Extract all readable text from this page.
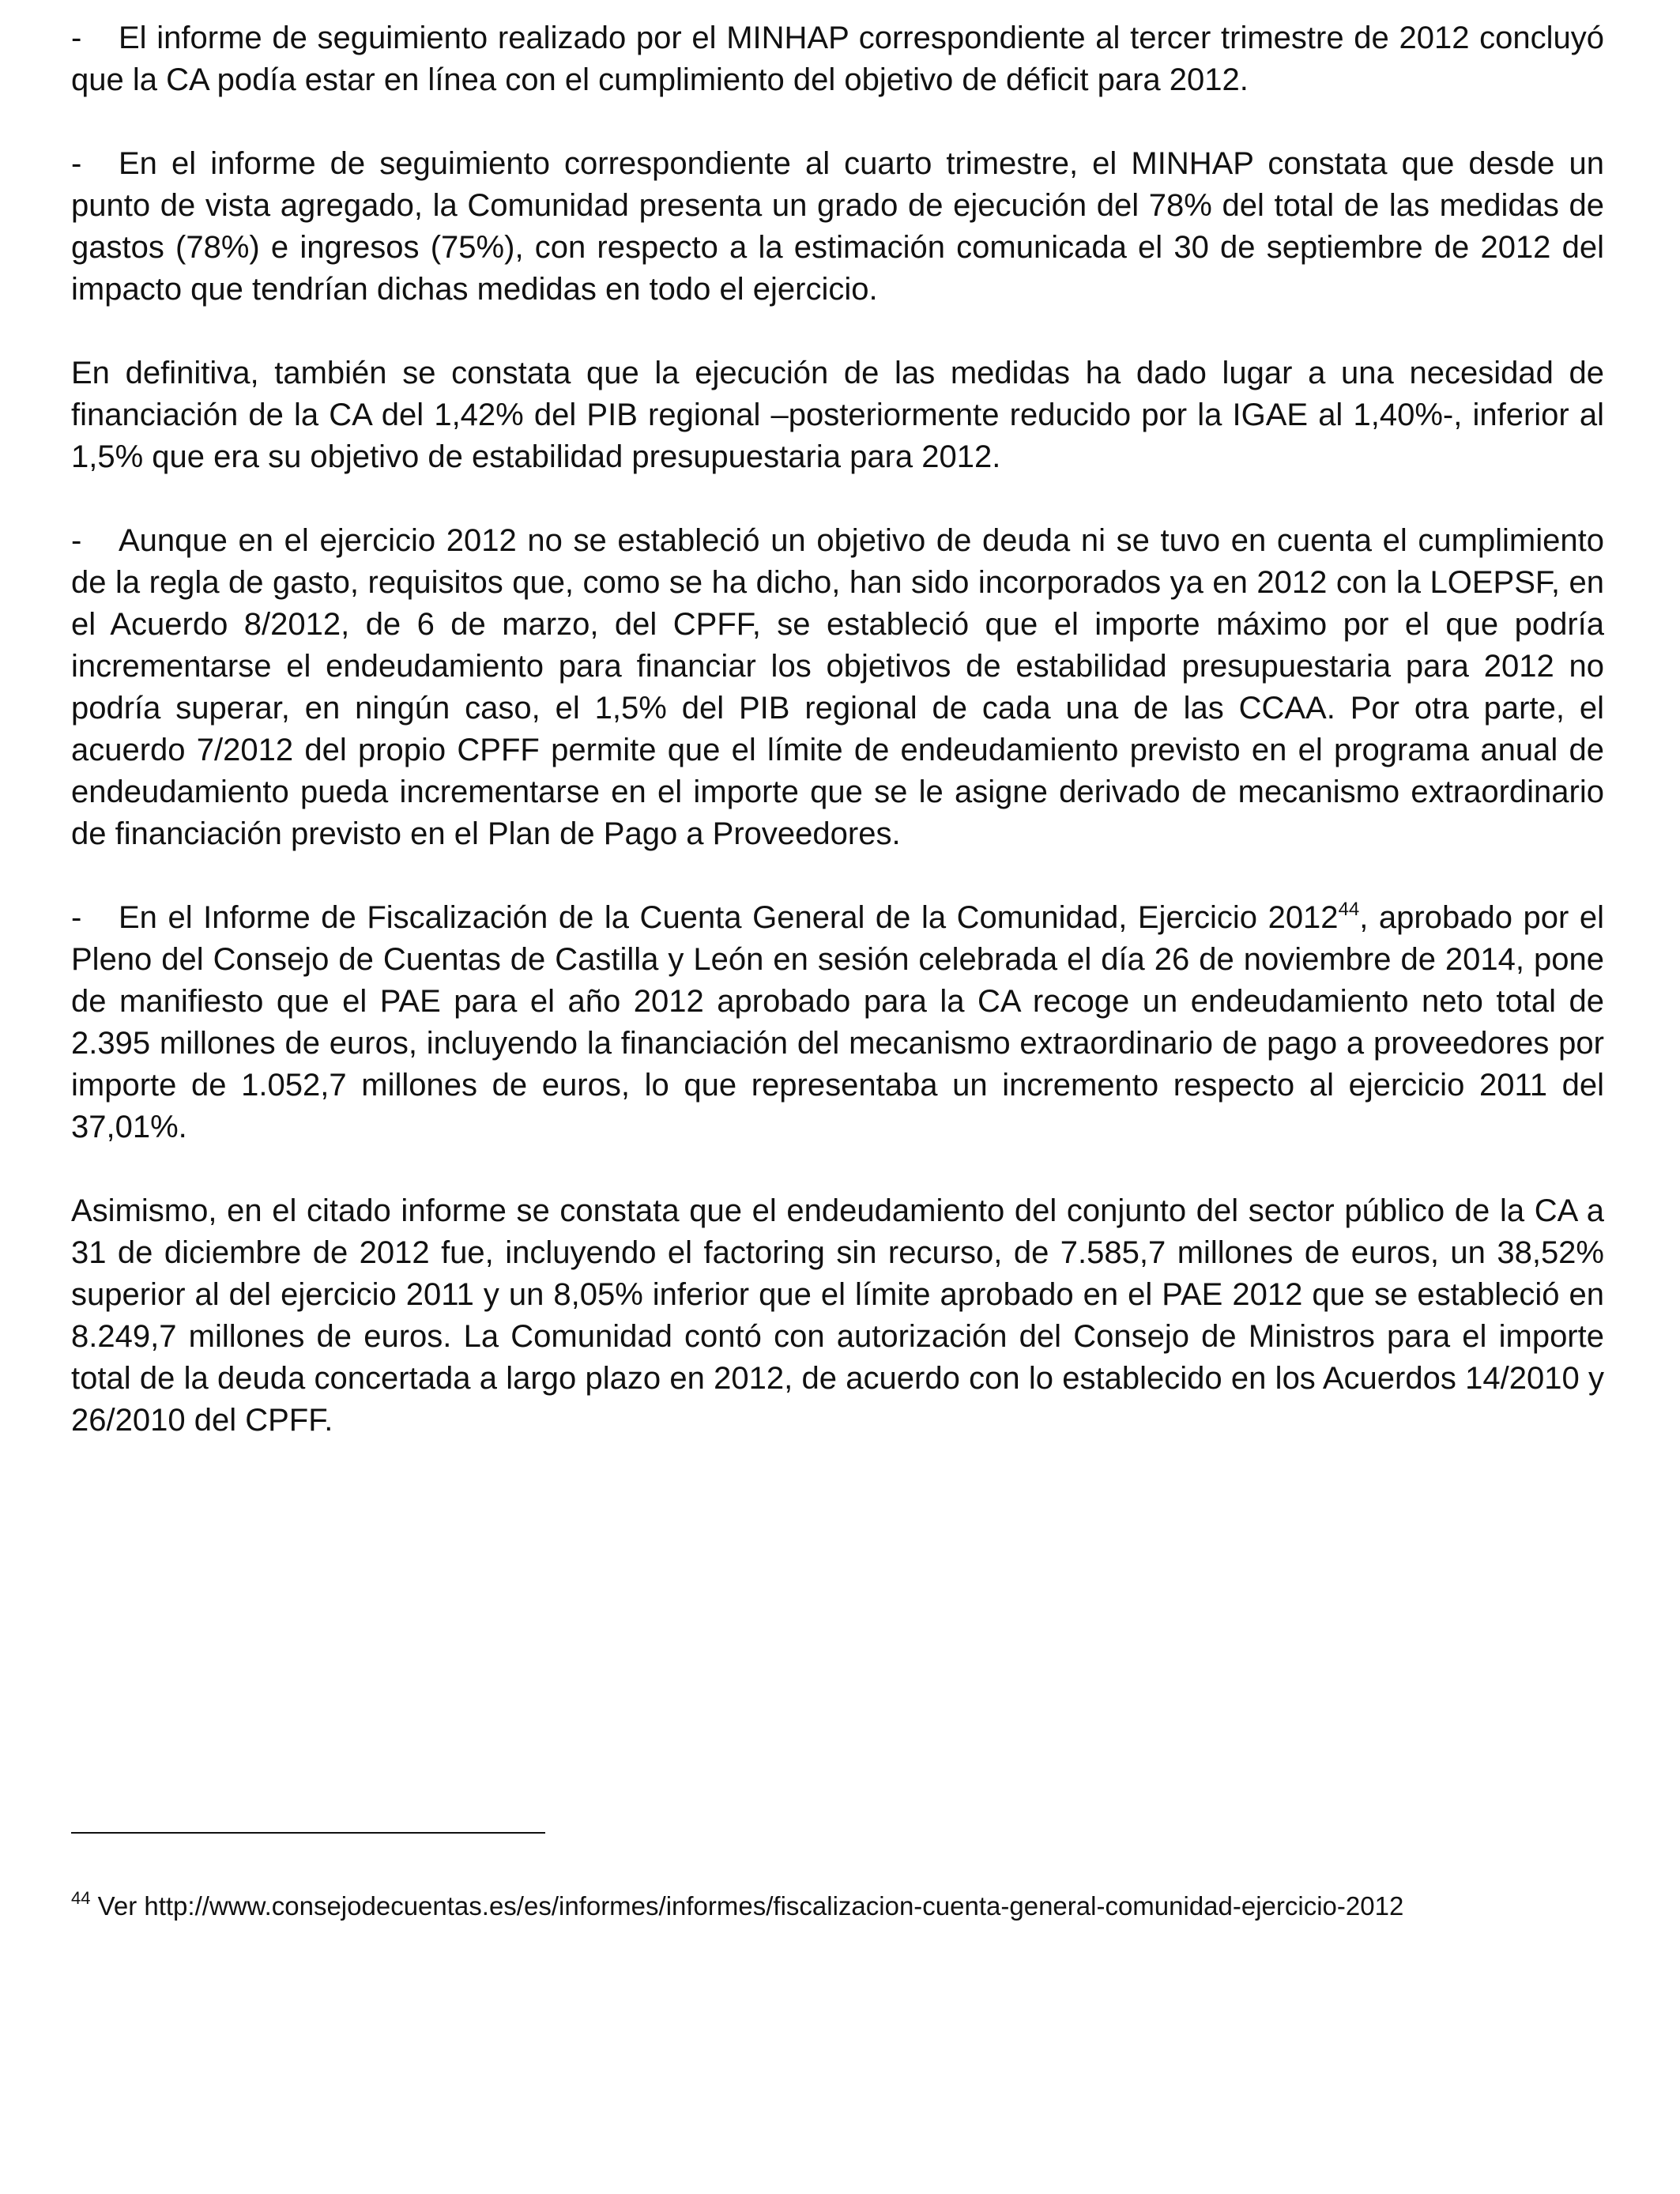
- El informe de seguimiento realizado por el MINHAP correspondiente al tercer trimestre de 2012 concluyó que la CA podía estar en línea con el cumplimiento del objetivo de déficit para 2012.

- En el informe de seguimiento correspondiente al cuarto trimestre, el MINHAP constata que desde un punto de vista agregado, la Comunidad presenta un grado de ejecución del 78% del total de las medidas de gastos (78%) e ingresos (75%), con respecto a la estimación comunicada el 30 de septiembre de 2012 del impacto que tendrían dichas medidas en todo el ejercicio.

En definitiva, también se constata que la ejecución de las medidas ha dado lugar a una necesidad de financiación de la CA del 1,42% del PIB regional –posteriormente reducido por la IGAE al 1,40%-, inferior al 1,5% que era su objetivo de estabilidad presupuestaria para 2012.

- Aunque en el ejercicio 2012 no se estableció un objetivo de deuda ni se tuvo en cuenta el cumplimiento de la regla de gasto, requisitos que, como se ha dicho, han sido incorporados ya en 2012 con la LOEPSF, en el Acuerdo 8/2012, de 6 de marzo, del CPFF, se estableció que el importe máximo por el que podría incrementarse el endeudamiento para financiar los objetivos de estabilidad presupuestaria para 2012 no podría superar, en ningún caso, el 1,5% del PIB regional de cada una de las CCAA. Por otra parte, el acuerdo 7/2012 del propio CPFF permite que el límite de endeudamiento previsto en el programa anual de endeudamiento pueda incrementarse en el importe que se le asigne derivado de mecanismo extraordinario de financiación previsto en el Plan de Pago a Proveedores.

- En el Informe de Fiscalización de la Cuenta General de la Comunidad, Ejercicio 2012$^{44}$, aprobado por el Pleno del Consejo de Cuentas de Castilla y León en sesión celebrada el día 26 de noviembre de 2014, pone de manifiesto que el PAE para el año 2012 aprobado para la CA recoge un endeudamiento neto total de 2.395 millones de euros, incluyendo la financiación del mecanismo extraordinario de pago a proveedores por importe de 1.052,7 millones de euros, lo que representaba un incremento respecto al ejercicio 2011 del 37,01%.

Asimismo, en el citado informe se constata que el endeudamiento del conjunto del sector público de la CA a 31 de diciembre de 2012 fue, incluyendo el factoring sin recurso, de 7.585,7 millones de euros, un 38,52% superior al del ejercicio 2011 y un 8,05% inferior que el límite aprobado en el PAE 2012 que se estableció en 8.249,7 millones de euros. La Comunidad contó con autorización del Consejo de Ministros para el importe total de la deuda concertada a largo plazo en 2012, de acuerdo con lo establecido en los Acuerdos 14/2010 y 26/2010 del CPFF.

$^{44}$ Ver http://www.consejodecuentas.es/es/informes/informes/fiscalizacion-cuenta-general-comunidad-ejercicio-2012
